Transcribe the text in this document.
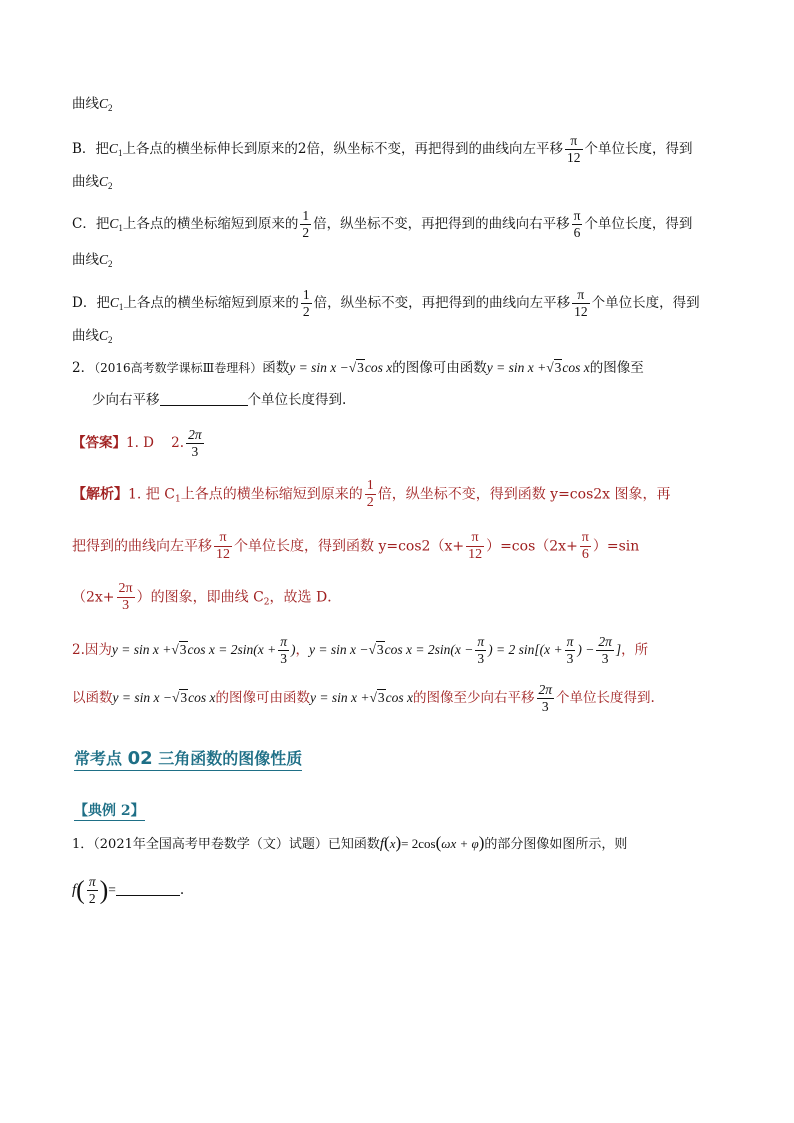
曲线$C_2$
B．把$C_1$上各点的横坐标伸长到原来的2倍，纵坐标不变，再把得到的曲线向左平移 $\frac{\pi}{12}$ 个单位长度，得到
曲线$C_2$
C．把$C_1$上各点的横坐标缩短到原来的 $\frac{1}{2}$ 倍，纵坐标不变，再把得到的曲线向右平移 $\frac{\pi}{6}$ 个单位长度，得到
曲线$C_2$
D．把$C_1$上各点的横坐标缩短到原来的 $\frac{1}{2}$ 倍，纵坐标不变，再把得到的曲线向左平移 $\frac{\pi}{12}$ 个单位长度，得到
曲线$C_2$
2．（2016高考数学课标Ⅲ卷理科）函数y = sin x −√3cos x的图像可由函数y = sin x +√3cos x的图像至
少向右平移	个单位长度得到.
【答案】1. D 2. $\frac{2\pi}{3}$
【解析】1. 把 $C_1$上各点的横坐标缩短到原来的 $\frac{1}{2}$ 倍，纵坐标不变，得到函数 y=cos2x 图象，再
把得到的曲线向左平移 $\frac{\pi}{12}$ 个单位长度，得到函数 $y=\cos 2(x+ \frac{\pi}{12} )=\cos(2x+ \frac{\pi}{6} )=\sin$
（$2x+ \frac{2\pi}{3}$ ）的图象，即曲线 $C_2$，故选 D．
2.因为y = sin x +√3cos $x = 2\sin(x + \frac{\pi}{3}$ )，y = sin x −√3cos $x = 2\sin(x - \frac{\pi}{3}$ ) = 2 $\sin[(x + \frac{\pi}{3}$ ) − $\frac{2\pi}{3}$ ]，所
以函数y = sin x −√3cos x的图像可由函数y = sin x +√3cos x的图像至少向右平移 $\frac{2\pi}{3}$ 个单位长度得到.
常考点 02 三角函数的图像性质
【典例 2】
1．（2021年全国高考甲卷数学（文）试题）已知函数f(x)= 2cos(ωx + φ)的部分图像如图所示，则
$f( \frac{\pi}{2}$ )=	.
